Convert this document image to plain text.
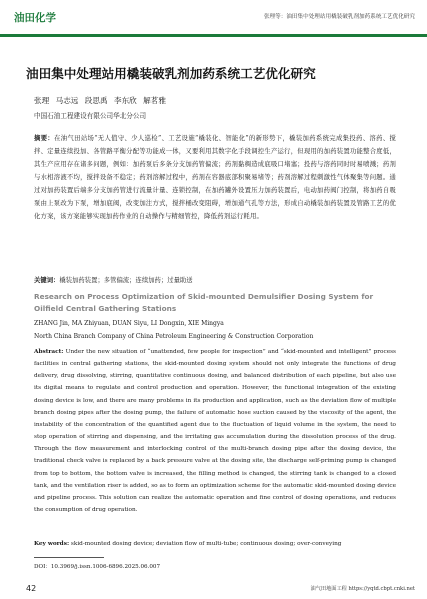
油田化学	张理等：油田集中处理站用橇装破乳剂加药系统工艺优化研究
油田集中处理站用橇装破乳剂加药系统工艺优化研究
张理 马志远 段思禹 李东欣 解茗雅
中国石油工程建设有限公司华北分公司

摘要：在油气田站场“无人值守、少人巡检”、工艺设施“橇装化、智能化”的新形势下，橇装加药系统完成集投药、溶药、搅拌、定量连续投加、各管路平衡分配等功能成一体，又要利用其数字化手段调控生产运行，但现用的加药装置功能整合度低，其生产应用存在诸多问题，例如：加药泵后多条分支加药管偏流；药剂黏稠造成底吸口堵塞；投药与溶药同时时易喷溅；药剂与水相溶液不均，搅拌设备不稳定；药剂溶解过程中，药剂在容器底部积聚易堵等；药剂溶解过程刺激性气体聚集等问题。通过对加药装置后端多分支加药管进行流量计量、连锁控制，在加药罐外设置压力加药装置后，电动加药阀门控制，将加药自吸泵由上泵改为下泵，增加底阀，改变加注方式，搅拌桶改变阻碍，增加通气孔等方法，形成自动橇装加药装置及管路工艺的优化方案，该方案能够实现加药作业的自动操作与精细管控，降低药剂运行耗用。

关键词：橇装加药装置；多管偏流；连续加药；过量助送

Research on Process Optimization of Skid-mounted Demulsifier Dosing System for Oilfield Central Gathering Stations

ZHANG Jin, MA Zhiyuan, DUAN Siyu, LI Dongxin, XIE Mingya
North China Branch Company of China Petroleum Engineering & Construction Corporation

Abstract: Under the new situation of “unattended, few people for inspection” and “skid-mounted and intelligent” process facilities in central gathering stations, the skid-mounted dosing system should not only integrate the functions of drug delivery, drug dissolving, stirring, quantitative continuous dosing, and balanced distribution of each pipeline, but also use its digital means to regulate and control production and operation. However, the functional integration of the existing dosing device is low, and there are many problems in its production and application, such as the deviation flow of multiple branch dosing pipes after the dosing pump, the failure of automatic hose suction caused by the viscosity of the agent, the instability of the concentration of the quantified agent due to the fluctuation of liquid volume in the system, the need to stop operation of stirring and dispensing, and the irritating gas accumulation during the dissolution process of the drug. Through the flow measurement and interlocking control of the multi-branch dosing pipe after the dosing device, the traditional check valve is replaced by a back pressure valve at the dosing site, the discharge self-priming pump is changed from top to bottom, the bottom valve is increased, the filling method is changed, the stirring tank is changed to a closed tank, and the ventilation riser is added, so as to form an optimization scheme for the automatic skid-mounted dosing device and pipeline process. This solution can realize the automatic operation and fine control of dosing operations, and reduces the consumption of drug operation.

Key words: skid-mounted dosing device; deviation flow of multi-tube; continuous dosing; over-conveying
DOI：10.3969/j.issn.1006-6896.2025.06.007
42	油气田地面工程 https://yqtd.cbpt.cnki.net
